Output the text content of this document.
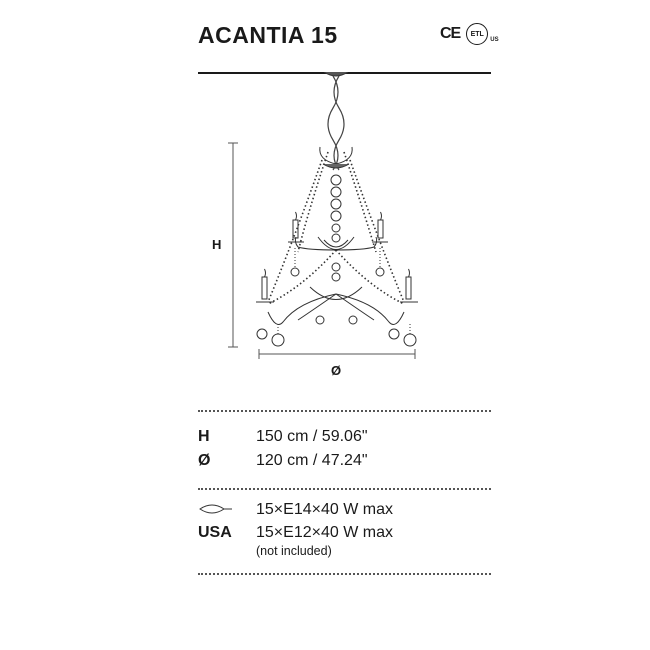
ACANTIA 15	CE	ETL
US
H
Ø
H	150 cm / 59.06"
Ø	120 cm / 47.24"
15×E14×40 W max
USA	15×E12×40 W max
(not included)
